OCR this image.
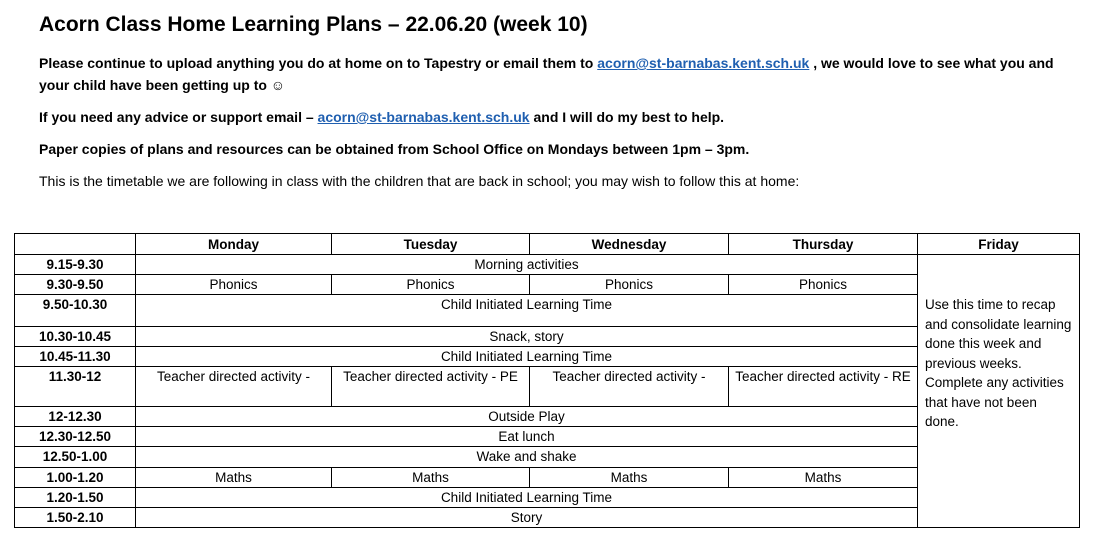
Acorn Class Home Learning Plans – 22.06.20 (week 10)
Please continue to upload anything you do at home on to Tapestry or email them to acorn@st-barnabas.kent.sch.uk , we would love to see what you and your child have been getting up to ☺
If you need any advice or support email – acorn@st-barnabas.kent.sch.uk and I will do my best to help.
Paper copies of plans and resources can be obtained from School Office on Mondays between 1pm – 3pm.
This is the timetable we are following in class with the children that are back in school; you may wish to follow this at home:
	Monday	Tuesday	Wednesday	Thursday	Friday
9.15-9.30	Morning activities				Use this time to recap and consolidate learning done this week and previous weeks. Complete any activities that have not been done.
9.30-9.50	Phonics	Phonics	Phonics	Phonics	
9.50-10.30	Child Initiated Learning Time				
10.30-10.45	Snack, story				
10.45-11.30	Child Initiated Learning Time				
11.30-12	Teacher directed activity -	Teacher directed activity - PE	Teacher directed activity -	Teacher directed activity - RE	
12-12.30	Outside Play				
12.30-12.50	Eat lunch				
12.50-1.00	Wake and shake				
1.00-1.20	Maths	Maths	Maths	Maths	
1.20-1.50	Child Initiated Learning Time				
1.50-2.10	Story				
